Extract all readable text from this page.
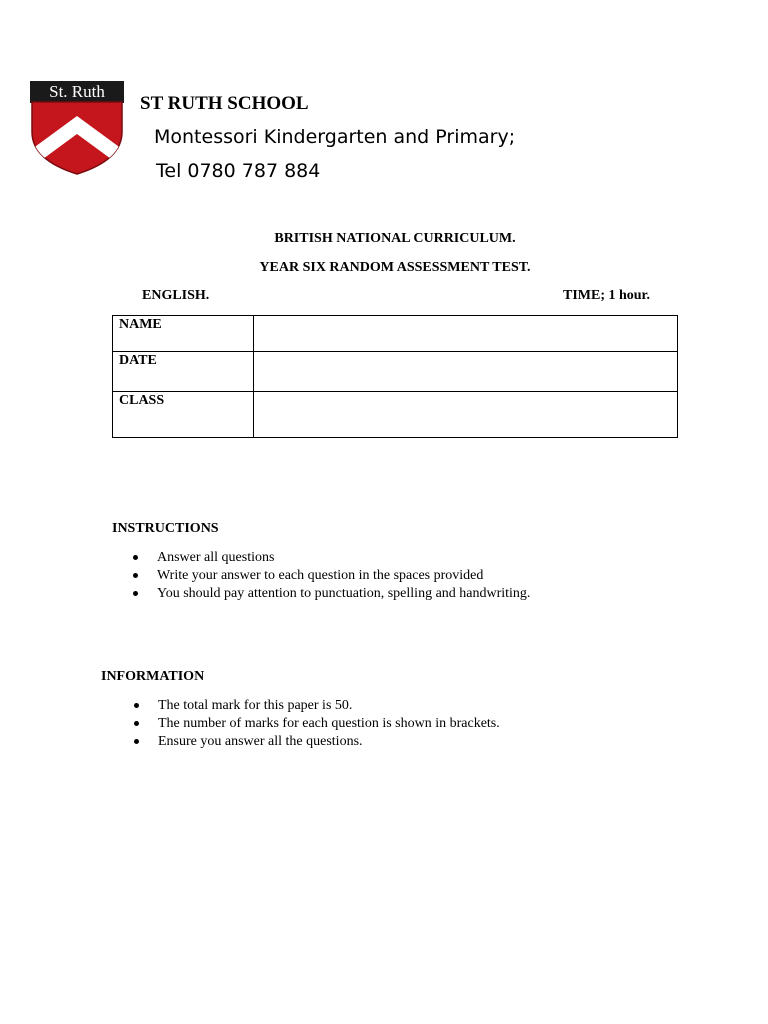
St. Ruth
ST RUTH SCHOOL
Montessori Kindergarten and Primary;
Tel 0780 787 884
BRITISH NATIONAL CURRICULUM.
YEAR SIX RANDOM ASSESSMENT TEST.
ENGLISH.	TIME; 1 hour.
NAME	
DATE	
CLASS	
INSTRUCTIONS
Answer all questions
Write your answer to each question in the spaces provided
You should pay attention to punctuation, spelling and handwriting.
INFORMATION
The total mark for this paper is 50.
The number of marks for each question is shown in brackets.
Ensure you answer all the questions.
